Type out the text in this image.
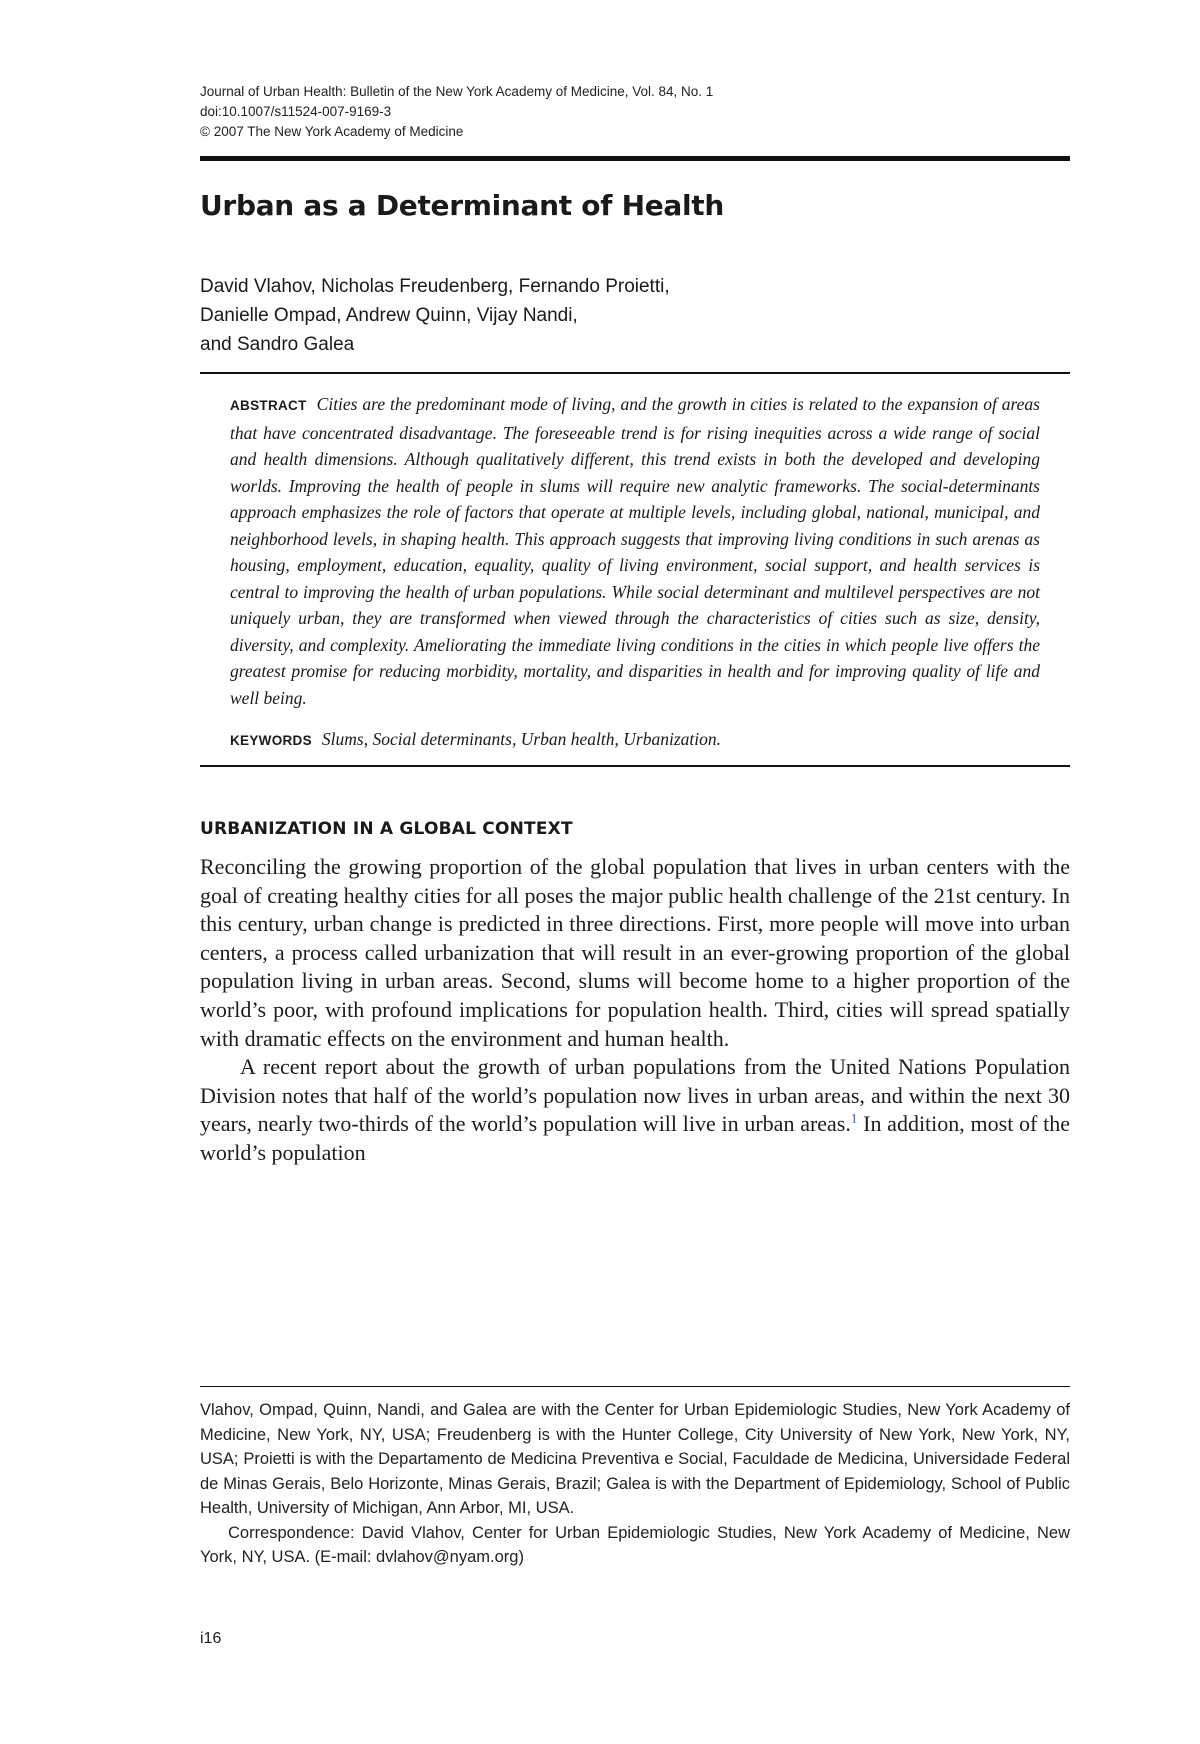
Journal of Urban Health: Bulletin of the New York Academy of Medicine, Vol. 84, No. 1
doi:10.1007/s11524-007-9169-3
© 2007 The New York Academy of Medicine
Urban as a Determinant of Health
David Vlahov, Nicholas Freudenberg, Fernando Proietti,
Danielle Ompad, Andrew Quinn, Vijay Nandi,
and Sandro Galea
ABSTRACT Cities are the predominant mode of living, and the growth in cities is related to the expansion of areas that have concentrated disadvantage. The foreseeable trend is for rising inequities across a wide range of social and health dimensions. Although qualitatively different, this trend exists in both the developed and developing worlds. Improving the health of people in slums will require new analytic frameworks. The social-determinants approach emphasizes the role of factors that operate at multiple levels, including global, national, municipal, and neighborhood levels, in shaping health. This approach suggests that improving living conditions in such arenas as housing, employment, education, equality, quality of living environment, social support, and health services is central to improving the health of urban populations. While social determinant and multilevel perspectives are not uniquely urban, they are transformed when viewed through the characteristics of cities such as size, density, diversity, and complexity. Ameliorating the immediate living conditions in the cities in which people live offers the greatest promise for reducing morbidity, mortality, and disparities in health and for improving quality of life and well being.
KEYWORDS Slums, Social determinants, Urban health, Urbanization.
URBANIZATION IN A GLOBAL CONTEXT

Reconciling the growing proportion of the global population that lives in urban centers with the goal of creating healthy cities for all poses the major public health challenge of the 21st century. In this century, urban change is predicted in three directions. First, more people will move into urban centers, a process called urbanization that will result in an ever-growing proportion of the global population living in urban areas. Second, slums will become home to a higher proportion of the world’s poor, with profound implications for population health. Third, cities will spread spatially with dramatic effects on the environment and human health.

A recent report about the growth of urban populations from the United Nations Population Division notes that half of the world’s population now lives in urban areas, and within the next 30 years, nearly two-thirds of the world’s population will live in urban areas.$^1$ In addition, most of the world’s population

Vlahov, Ompad, Quinn, Nandi, and Galea are with the Center for Urban Epidemiologic Studies, New York Academy of Medicine, New York, NY, USA; Freudenberg is with the Hunter College, City University of New York, New York, NY, USA; Proietti is with the Departamento de Medicina Preventiva e Social, Faculdade de Medicina, Universidade Federal de Minas Gerais, Belo Horizonte, Minas Gerais, Brazil; Galea is with the Department of Epidemiology, School of Public Health, University of Michigan, Ann Arbor, MI, USA.

Correspondence: David Vlahov, Center for Urban Epidemiologic Studies, New York Academy of Medicine, New York, NY, USA. (E-mail: dvlahov@nyam.org)

i16
